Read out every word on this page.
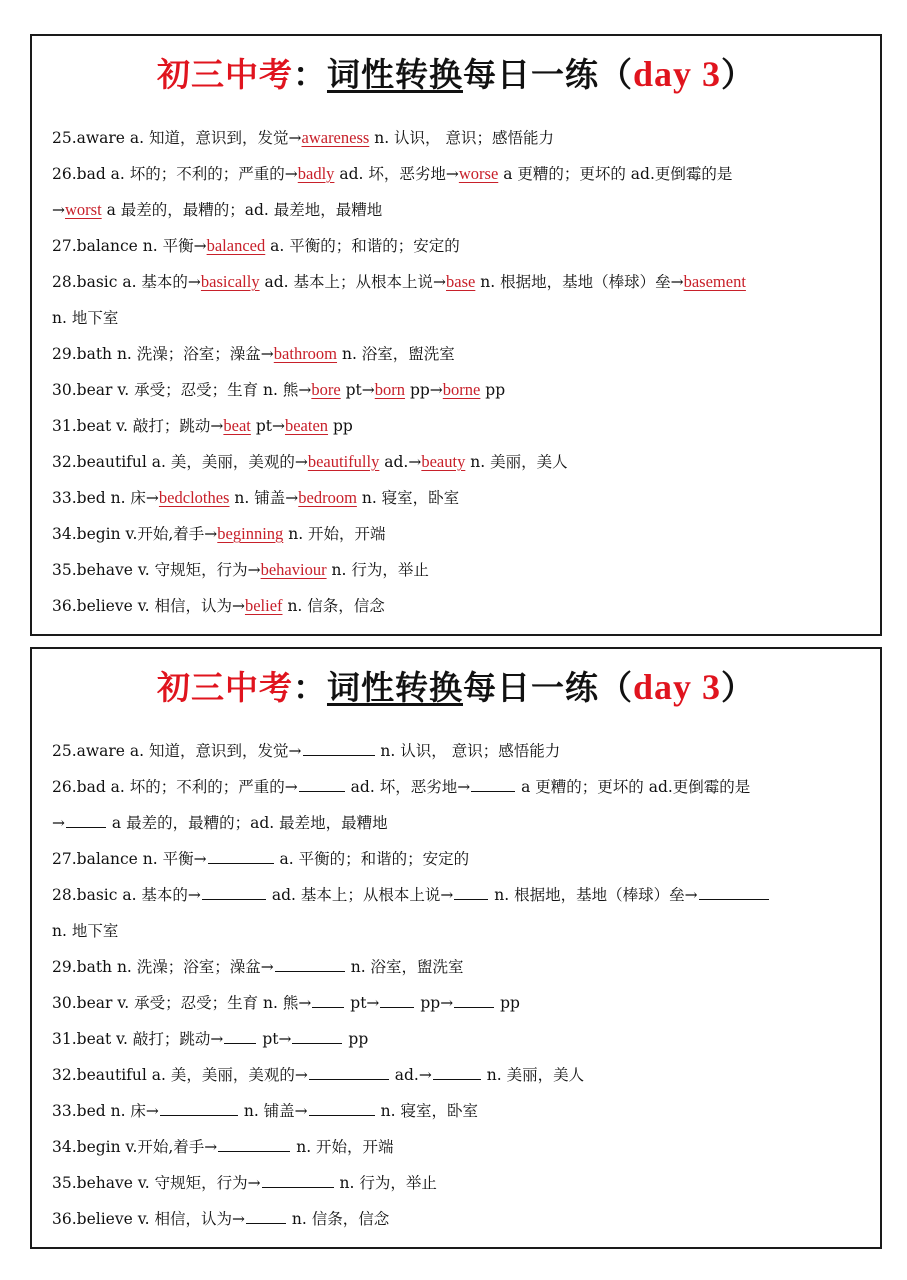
初三中考：词性转换每日一练（day 3）
25.aware a. 知道，意识到，发觉→awareness n. 认识， 意识；感悟能力
26.bad a. 坏的；不利的；严重的→badly ad. 坏，恶劣地→worse a 更糟的；更坏的 ad.更倒霉的是
→worst a 最差的，最糟的；ad. 最差地，最糟地
27.balance n. 平衡→balanced a. 平衡的；和谐的；安定的
28.basic a. 基本的→basically ad. 基本上；从根本上说→base n. 根据地，基地（棒球）垒→basement
n. 地下室
29.bath n. 洗澡；浴室；澡盆→bathroom n. 浴室，盥洗室
30.bear v. 承受；忍受；生育 n. 熊→bore pt→born pp→borne pp
31.beat v. 敲打；跳动→beat pt→beaten pp
32.beautiful a. 美，美丽，美观的→beautifully ad.→beauty n. 美丽，美人
33.bed n. 床→bedclothes n. 铺盖→bedroom n. 寝室，卧室
34.begin v.开始,着手→beginning n. 开始，开端
35.behave v. 守规矩，行为→behaviour n. 行为，举止
36.believe v. 相信，认为→belief n. 信条，信念
初三中考：词性转换每日一练（day 3）
25.aware a. 知道，意识到，发觉→	n. 认识， 意识；感悟能力
26.bad a. 坏的；不利的；严重的→	ad. 坏，恶劣地→	a 更糟的；更坏的 ad.更倒霉的是
→	a 最差的，最糟的；ad. 最差地，最糟地
27.balance n. 平衡→	a. 平衡的；和谐的；安定的
28.basic a. 基本的→	ad. 基本上；从根本上说→ n. 根据地，基地（棒球）垒→
n. 地下室
29.bath n. 洗澡；浴室；澡盆→	n. 浴室，盥洗室
30.bear v. 承受；忍受；生育 n. 熊→ pt→ pp→	pp
31.beat v. 敲打；跳动→ pt→	pp
32.beautiful a. 美，美丽，美观的→	ad.→	n. 美丽，美人
33.bed n. 床→	n. 铺盖→	n. 寝室，卧室
34.begin v.开始,着手→	n. 开始，开端
35.behave v. 守规矩，行为→	n. 行为，举止
36.believe v. 相信，认为→	n. 信条，信念
